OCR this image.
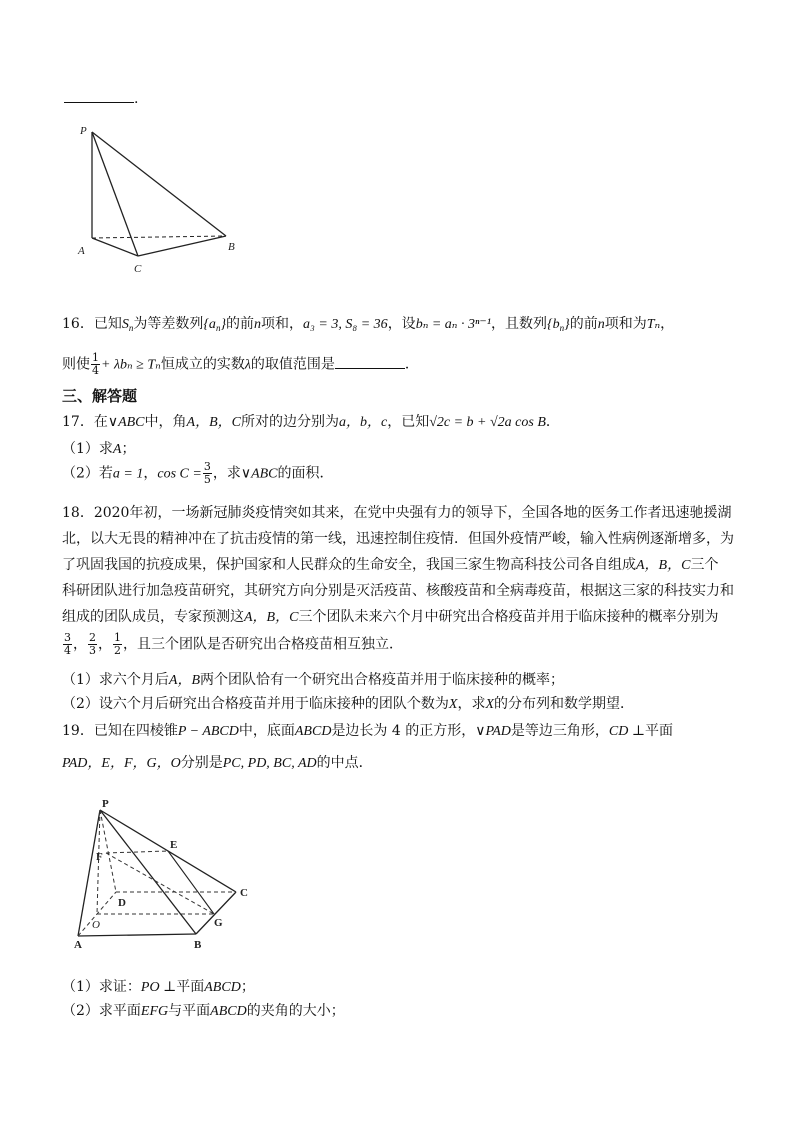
.
P
A	B
C
16．已知$S_n$为等差数列$\{a_n\}$的前n项和，a₃ = 3, S₈ = 36，设bₙ = aₙ · 3ⁿ⁻¹，且数列$\{b_n\}$的前n项和为Tₙ，
则使 $\frac{1}{4} + \lambda b_n \ge T_n$恒成立的实数λ的取值范围是	．
三、解答题
17．在∨ABC中，角A，B，C所对的边分别为a，b，c，已知√2c = b + √2a cos B．
（1）求A；
（2）若a = 1，$\cos C = \frac{3}{5}$ ，求∨ABC的面积．
18．2020年初，一场新冠肺炎疫情突如其来，在党中央强有力的领导下，全国各地的医务工作者迅速驰援湖
北，以大无畏的精神冲在了抗击疫情的第一线，迅速控制住疫情．但国外疫情严峻，输入性病例逐渐增多，为
了巩固我国的抗疫成果，保护国家和人民群众的生命安全，我国三家生物高科技公司各自组成A，B，C三个
科研团队进行加急疫苗研究，其研究方向分别是灭活疫苗、核酸疫苗和全病毒疫苗，根据这三家的科技实力和
组成的团队成员，专家预测这A，B，C三个团队未来六个月中研究出合格疫苗并用于临床接种的概率分别为
$\frac{3}{4}$ ， $\frac{2}{3}$ ， $\frac{1}{2}$ ，且三个团队是否研究出合格疫苗相互独立．
（1）求六个月后A，B两个团队恰有一个研究出合格疫苗并用于临床接种的概率；
（2）设六个月后研究出合格疫苗并用于临床接种的团队个数为X，求X的分布列和数学期望．
19．已知在四棱锥P − ABCD中，底面ABCD是边长为 4 的正方形，∨PAD是等边三角形，CD ⊥平面
PAD，E，F，G，O分别是PC, PD, BC, AD的中点．
P
E
F
C
D
G
O
A	B
（1）求证：PO ⊥平面ABCD；
（2）求平面EFG与平面ABCD的夹角的大小；
